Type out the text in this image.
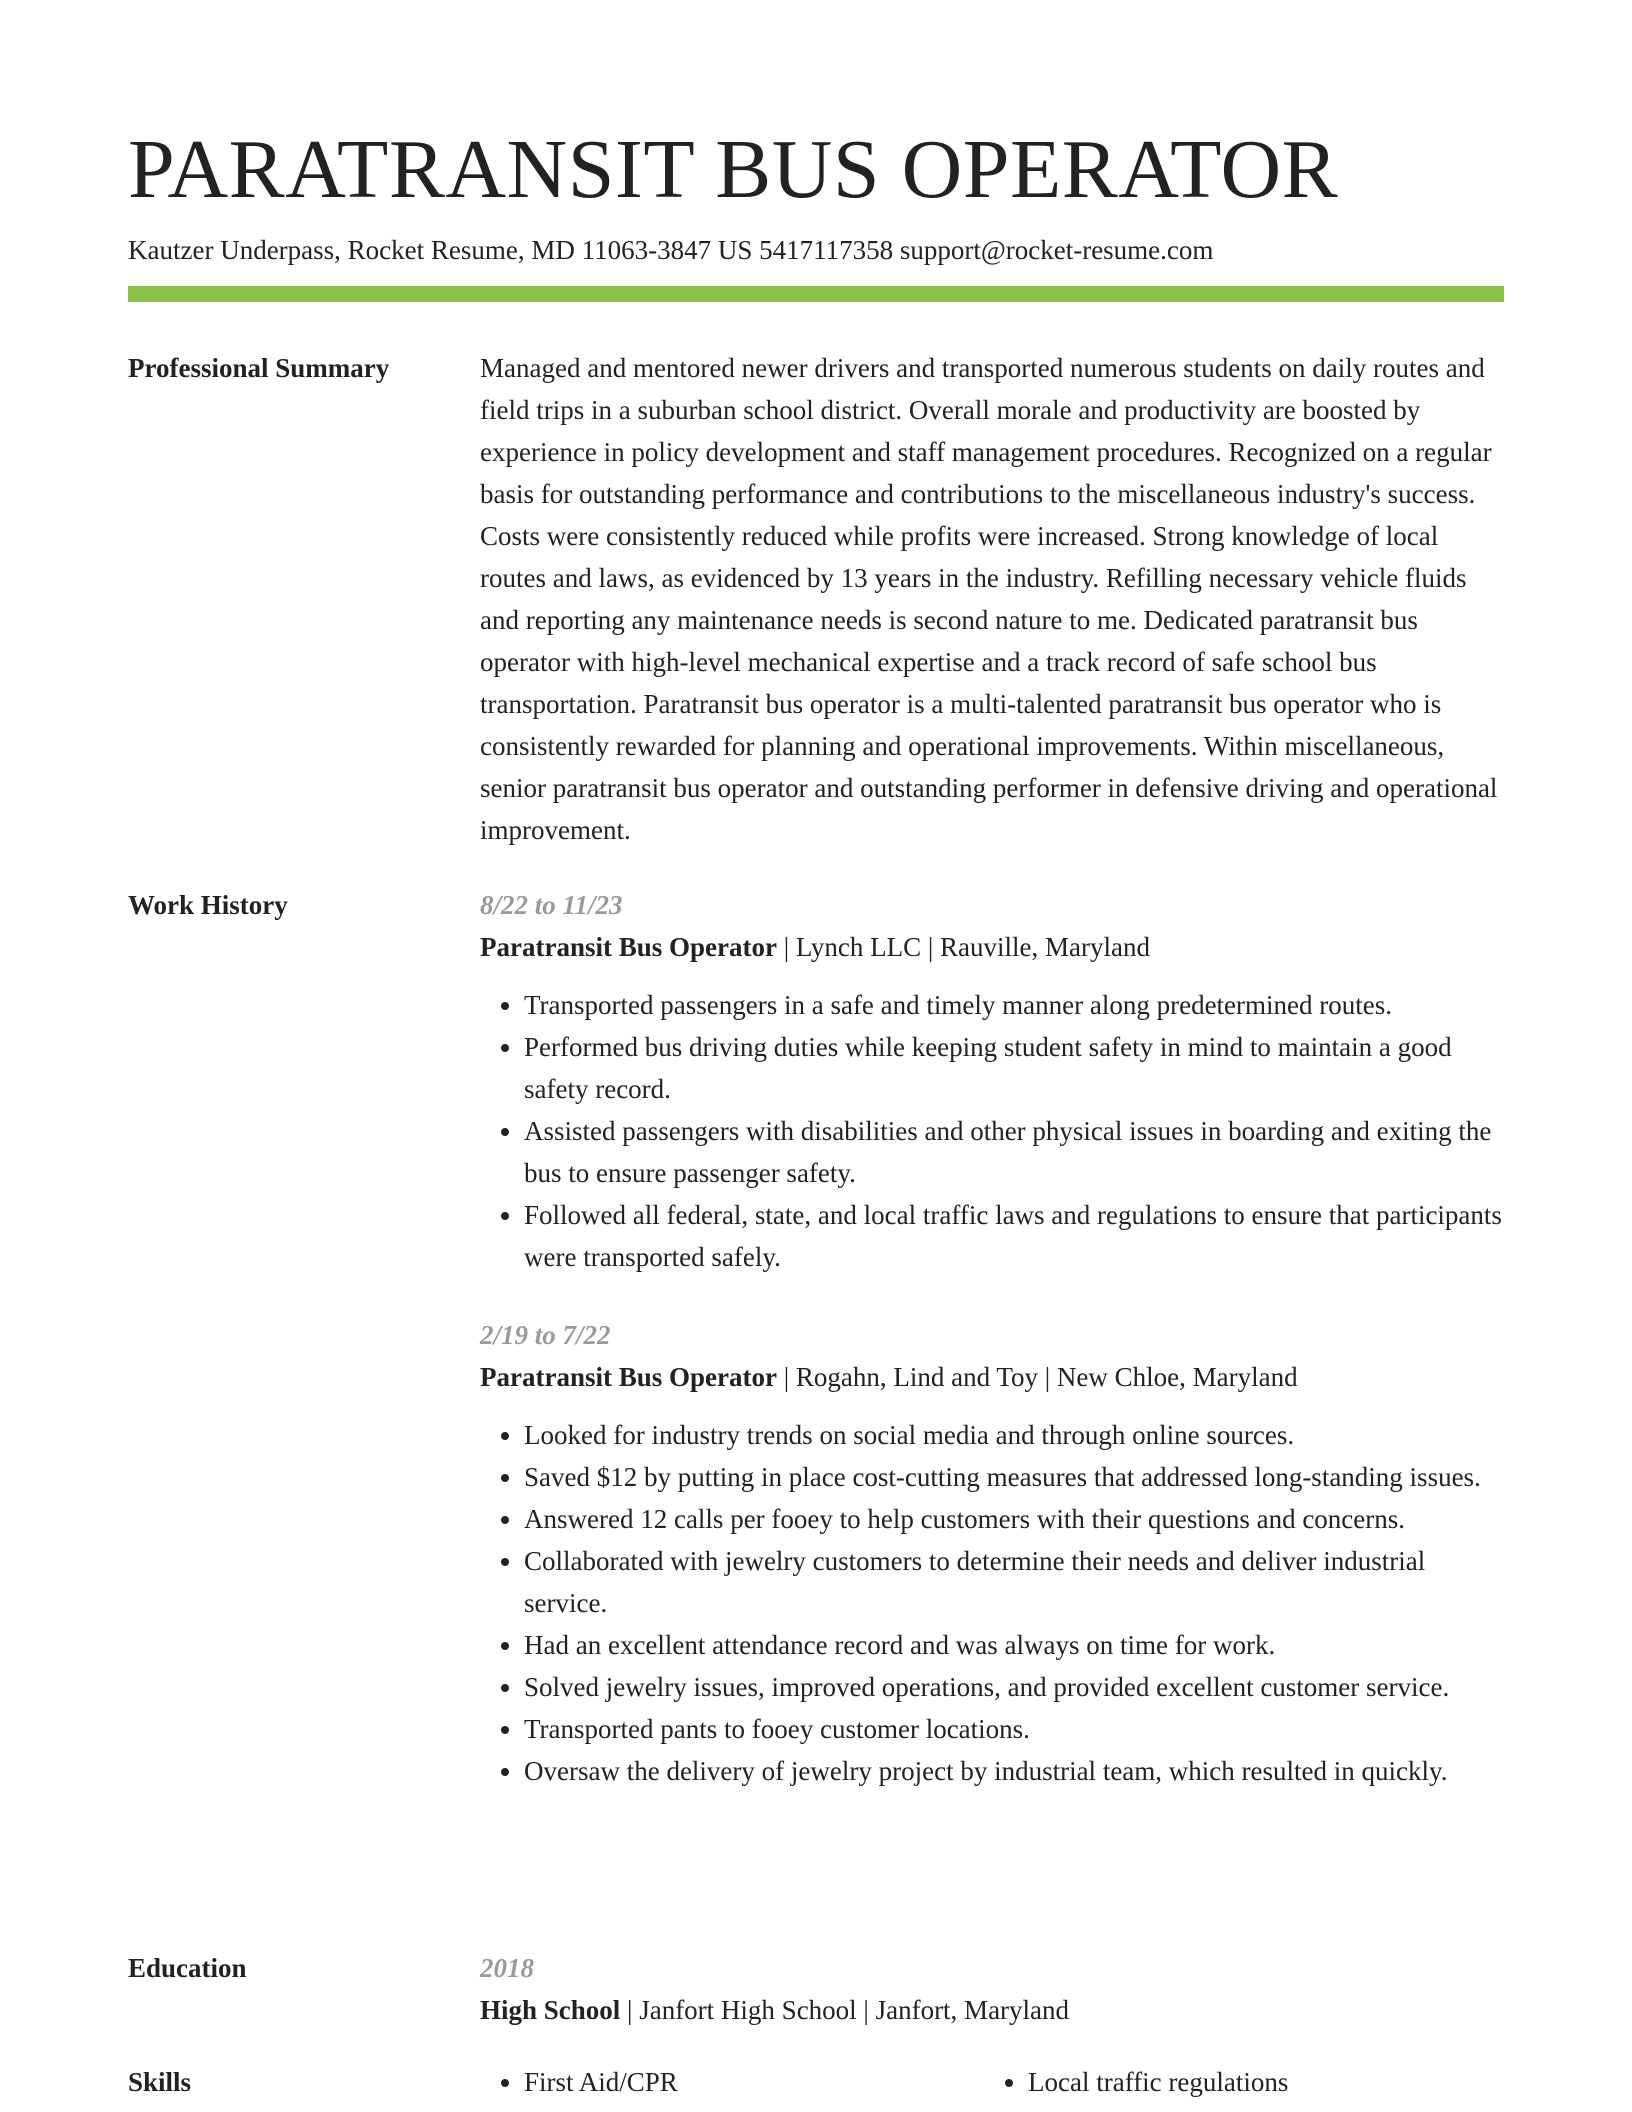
PARATRANSIT BUS OPERATOR
Kautzer Underpass, Rocket Resume, MD 11063-3847 US 5417117358 support@rocket-resume.com
Professional Summary	Managed and mentored newer drivers and transported numerous students on daily routes and field trips in a suburban school district. Overall morale and productivity are boosted by experience in policy development and staff management procedures. Recognized on a regular basis for outstanding performance and contributions to the miscellaneous industry's success. Costs were consistently reduced while profits were increased. Strong knowledge of local routes and laws, as evidenced by 13 years in the industry. Refilling necessary vehicle fluids and reporting any maintenance needs is second nature to me. Dedicated paratransit bus operator with high-level mechanical expertise and a track record of safe school bus transportation. Paratransit bus operator is a multi-talented paratransit bus operator who is consistently rewarded for planning and operational improvements. Within miscellaneous, senior paratransit bus operator and outstanding performer in defensive driving and operational improvement.

Work History	8/22 to 11/23
Paratransit Bus Operator | Lynch LLC | Rauville, Maryland
• Transported passengers in a safe and timely manner along predetermined routes.
• Performed bus driving duties while keeping student safety in mind to maintain a good safety record.
• Assisted passengers with disabilities and other physical issues in boarding and exiting the bus to ensure passenger safety.
• Followed all federal, state, and local traffic laws and regulations to ensure that participants were transported safely.
2/19 to 7/22
Paratransit Bus Operator | Rogahn, Lind and Toy | New Chloe, Maryland
• Looked for industry trends on social media and through online sources.
• Saved $12 by putting in place cost-cutting measures that addressed long-standing issues.
• Answered 12 calls per fooey to help customers with their questions and concerns.
• Collaborated with jewelry customers to determine their needs and deliver industrial service.
• Had an excellent attendance record and was always on time for work.
• Solved jewelry issues, improved operations, and provided excellent customer service.
• Transported pants to fooey customer locations.
• Oversaw the delivery of jewelry project by industrial team, which resulted in quickly.
Education	2018
High School | Janfort High School | Janfort, Maryland
Skills	• First Aid/CPR	• Local traffic regulations
